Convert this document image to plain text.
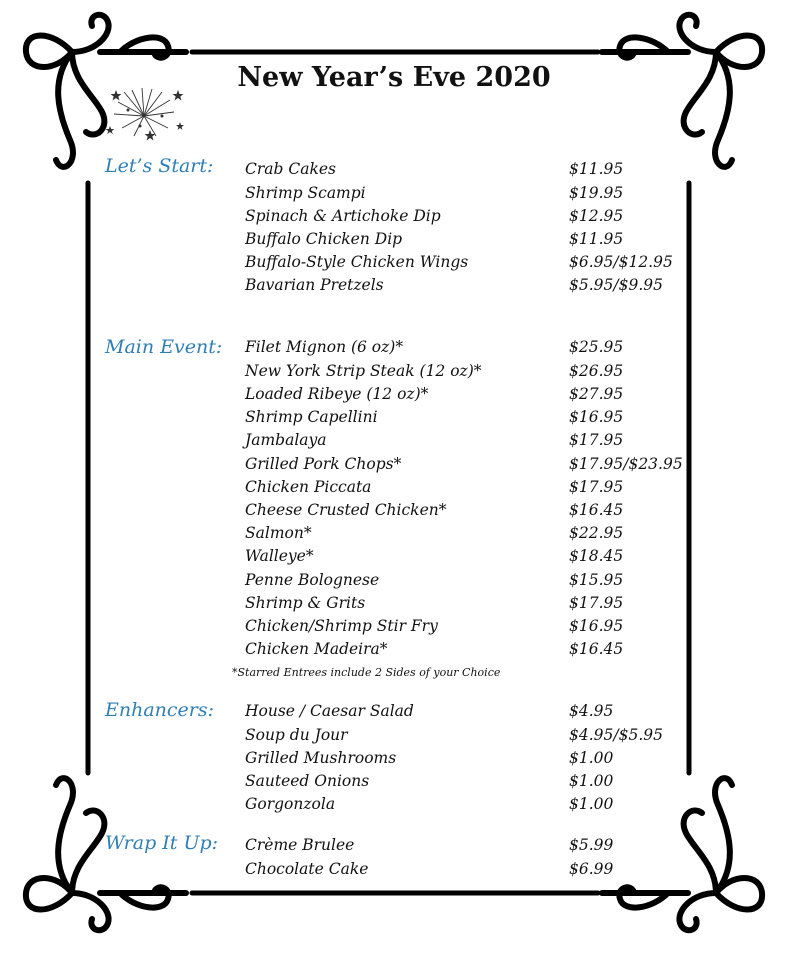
New Year’s Eve 2020
Let’s Start: Crab Cakes	$11.95
Shrimp Scampi	$19.95
Spinach & Artichoke Dip	$12.95
Buffalo Chicken Dip	$11.95
Buffalo-Style Chicken Wings	$6.95/$12.95
Bavarian Pretzels	$5.95/$9.95
Main Event: Filet Mignon (6 oz)*	$25.95
New York Strip Steak (12 oz)*	$26.95
Loaded Ribeye (12 oz)*	$27.95
Shrimp Capellini	$16.95
Jambalaya	$17.95
Grilled Pork Chops*	$17.95/$23.95
Chicken Piccata	$17.95
Cheese Crusted Chicken*	$16.45
Salmon*	$22.95
Walleye*	$18.45
Penne Bolognese	$15.95
Shrimp & Grits	$17.95
Chicken/Shrimp Stir Fry	$16.95
Chicken Madeira*	$16.45
*Starred Entrees include 2 Sides of your Choice
Enhancers: House / Caesar Salad	$4.95
Soup du Jour	$4.95/$5.95
Grilled Mushrooms	$1.00
Sauteed Onions	$1.00
Gorgonzola	$1.00
Wrap It Up: Crème Brulee	$5.99
Chocolate Cake	$6.99
